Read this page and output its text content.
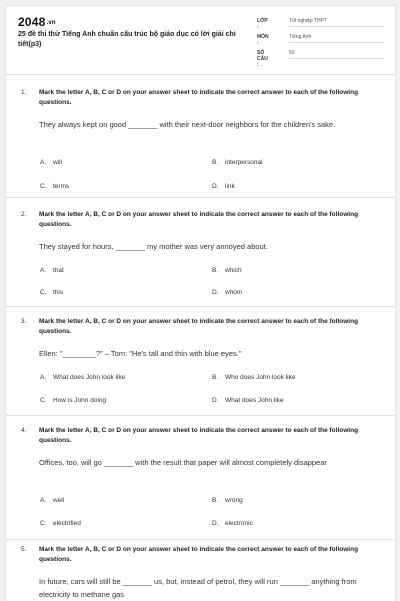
2048.vn
25 đề thi thử Tiếng Anh chuẩn cấu trúc bộ giáo dục có lời giải chi tiết(p3)
LỚP :
Tốt nghiệp THPT
MÔN :
Tiếng Anh
SỐ CÂU :
50
1. Mark the letter A, B, C or D on your answer sheet to indicate the correct answer to each of the following questions.
They always kept on good _______ with their next-door neighbors for the children's sake.
A. will	B. interpersonal
C. terms	D. link
2. Mark the letter A, B, C or D on your answer sheet to indicate the correct answer to each of the following questions.
They stayed for hours, _______ my mother was very annoyed about.
A. that	B. which
C. this	D. whom
3. Mark the letter A, B, C or D on your answer sheet to indicate the correct answer to each of the following questions.
Ellen: "________?" – Tom: "He's tall and thin with blue eyes."
A. What does John look like	B. Who does John look like
C. How is John doing	D. What does John like
4. Mark the letter A, B, C or D on your answer sheet to indicate the correct answer to each of the following questions.
Offices, too, will go _______ with the result that paper will almost completely disappear
A. well	B. wrong
C. electrified	D. electronic
5. Mark the letter A, B, C or D on your answer sheet to indicate the correct answer to each of the following questions.
In future, cars will still be _______ us, but, instead of petrol, they will run _______ anything from electricity to methane gas
